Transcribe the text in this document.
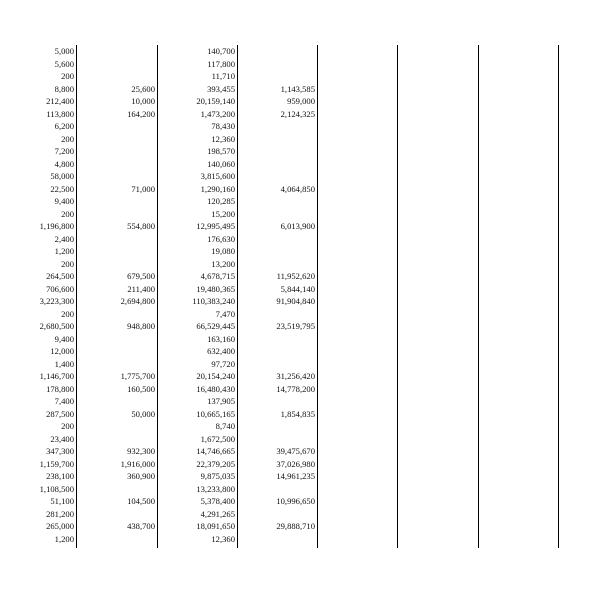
5,000
5,600
200
8,800
212,400
113,800
6,200
200
7,200
4,800
58,000
22,500
9,400
200
1,196,800
2,400
1,200
200
264,500
706,600
3,223,300
200
2,680,500
9,400
12,000
1,400
1,146,700
178,800
7,400
287,500
200
23,400
347,300
1,159,700
238,100
1,108,500
51,100
281,200
265,000
1,200
25,600
10,000
164,200
71,000
554,800
679,500
211,400
2,694,800
948,800
1,775,700
160,500
50,000
932,300
1,916,000
360,900
104,500
438,700
140,700
117,800
11,710
393,455
20,159,140
1,473,200
78,430
12,360
198,570
140,060
3,815,600
1,290,160
120,285
15,200
12,995,495
176,630
19,080
13,200
4,678,715
19,480,365
110,383,240
7,470
66,529,445
163,160
632,400
97,720
20,154,240
16,480,430
137,905
10,665,165
8,740
1,672,500
14,746,665
22,379,205
9,875,035
13,233,800
5,378,400
4,291,265
18,091,650
12,360
1,143,585
959,000
2,124,325
4,064,850
6,013,900
11,952,620
5,844,140
91,904,840
23,519,795
31,256,420
14,778,200
1,854,835
39,475,670
37,026,980
14,961,235
10,996,650
29,888,710
